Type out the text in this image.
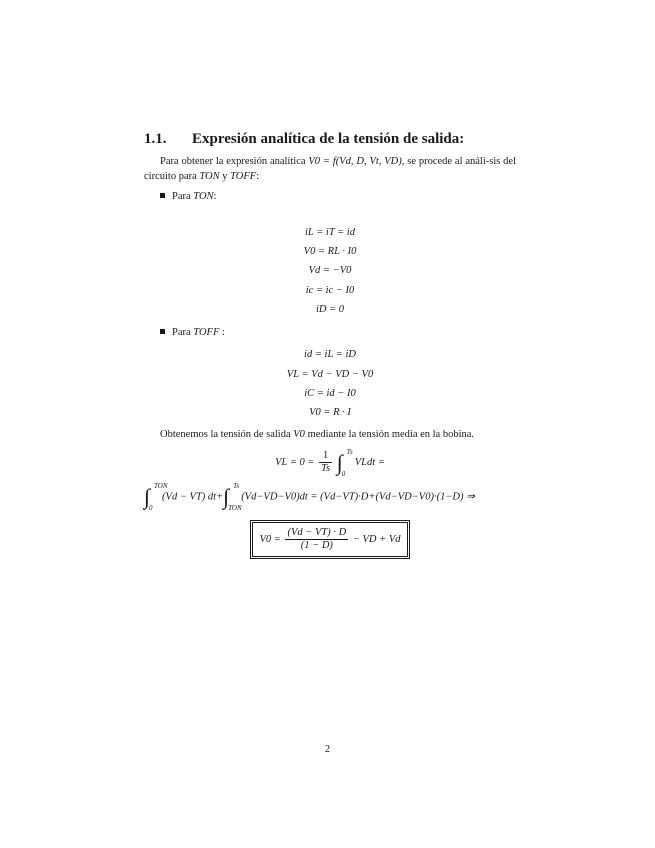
1.1. Expresión analítica de la tensión de salida:
Para obtener la expresión analítica V0 = f(Vd, D, Vt, VD), se procede al análi-sis del circuito para TON y TOFF:
Para TON:
iL = iT = id
V0 = RL · I0
Vd = −V0
ic = ic − I0
iD = 0
Para TOFF :
id = iL = iD
VL = Vd − VD − V0
iC = id − I0
V0 = R · I
Obtenemos la tensión de salida V0 mediante la tensión media en la bobina.
VL = $0 = \frac{1}{Ts}$ ∫ Ts
0
VLdt =
∫ TON
0
(Vd − VT) dt+∫ Ts
TON
(Vd−VD−V0)dt = (Vd−VT)·D+(Vd−VD−V0)·(1−D) ⇒
$V0 = \frac{(Vd - VT) \cdot D}{(1 - D)}$ − VD + Vd
2
